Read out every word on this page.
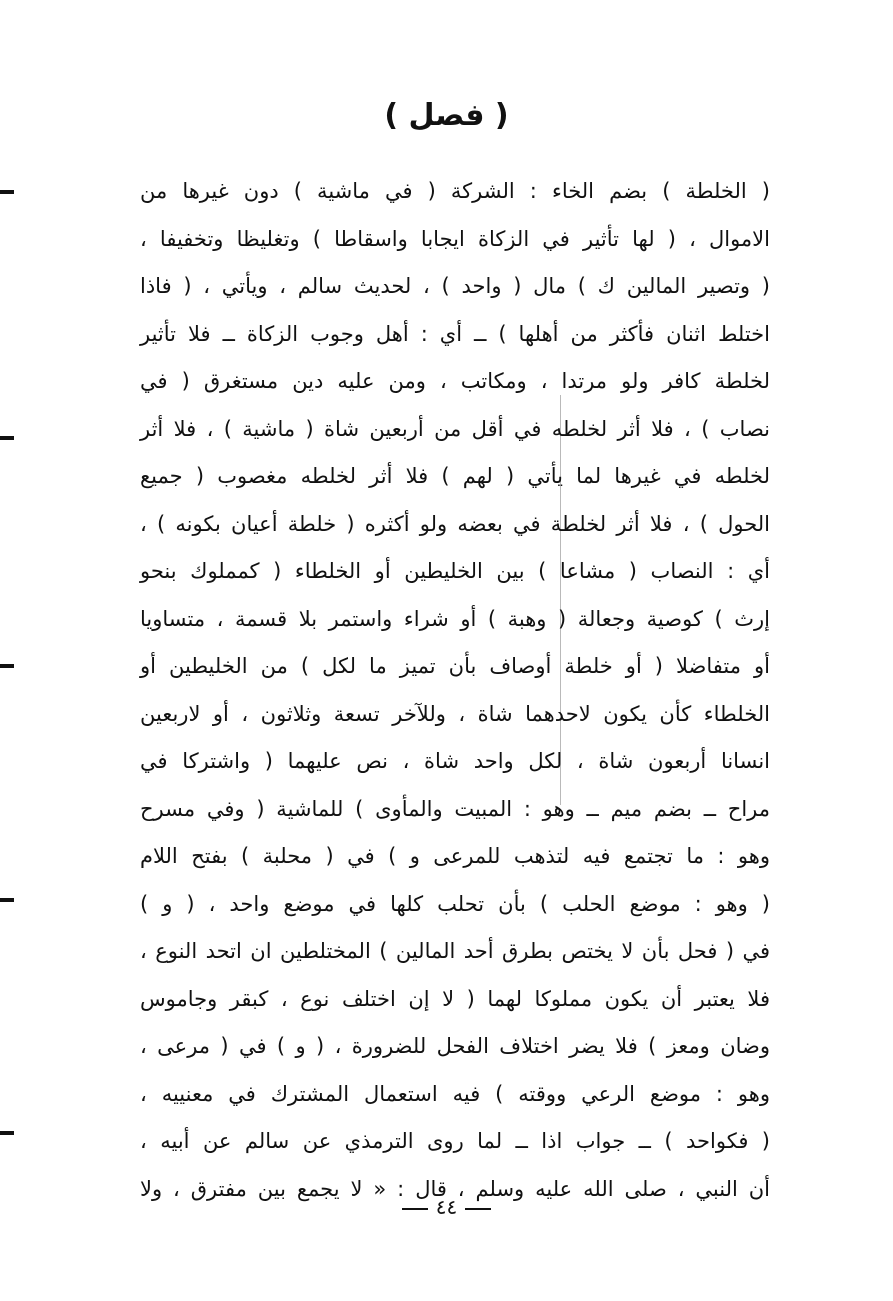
( فصل )
( الخلطة ) بضم الخاء : الشركة ( في ماشية ) دون غيرها من
الاموال ، ( لها تأثير في الزكاة ايجابا واسقاطا ) وتغليظا وتخفيفا ،
( وتصير المالين ك ) مال ( واحد ) ، لحديث سالم ، ويأتي ، ( فاذا
اختلط اثنان فأكثر من أهلها ) ــ أي : أهل وجوب الزكاة ــ فلا تأثير
لخلطة كافر ولو مرتدا ، ومكاتب ، ومن عليه دين مستغرق ( في
نصاب ) ، فلا أثر لخلطه في أقل من أربعين شاة ( ماشية ) ، فلا أثر
لخلطه في غيرها لما يأتي ( لهم ) فلا أثر لخلطه مغصوب ( جميع
الحول ) ، فلا أثر لخلطة في بعضه ولو أكثره ( خلطة أعيان بكونه ) ،
أي : النصاب ( مشاعا ) بين الخليطين أو الخلطاء ( كمملوك بنحو
إرث ) كوصية وجعالة ( وهبة ) أو شراء واستمر بلا قسمة ، متساويا
أو متفاضلا ( أو خلطة أوصاف بأن تميز ما لكل ) من الخليطين أو
الخلطاء كأن يكون لاحدهما شاة ، وللآخر تسعة وثلاثون ، أو لاربعين
انسانا أربعون شاة ، لكل واحد شاة ، نص عليهما ( واشتركا في
مراح ــ بضم ميم ــ وهو : المبيت والمأوى ) للماشية ( وفي مسرح
وهو : ما تجتمع فيه لتذهب للمرعى و ) في ( محلبة ) بفتح اللام
( وهو : موضع الحلب ) بأن تحلب كلها في موضع واحد ، ( و )
في ( فحل بأن لا يختص بطرق أحد المالين ) المختلطين ان اتحد النوع ،
فلا يعتبر أن يكون مملوكا لهما ( لا إن اختلف نوع ، كبقر وجاموس
وضان ومعز ) فلا يضر اختلاف الفحل للضرورة ، ( و ) في ( مرعى ،
وهو : موضع الرعي ووقته ) فيه استعمال المشترك في معنييه ،
( فكواحد ) ــ جواب اذا ــ لما روى الترمذي عن سالم عن أبيه ،
أن النبي ، صلى الله عليه وسلم ، قال : « لا يجمع بين مفترق ، ولا
٤٤
